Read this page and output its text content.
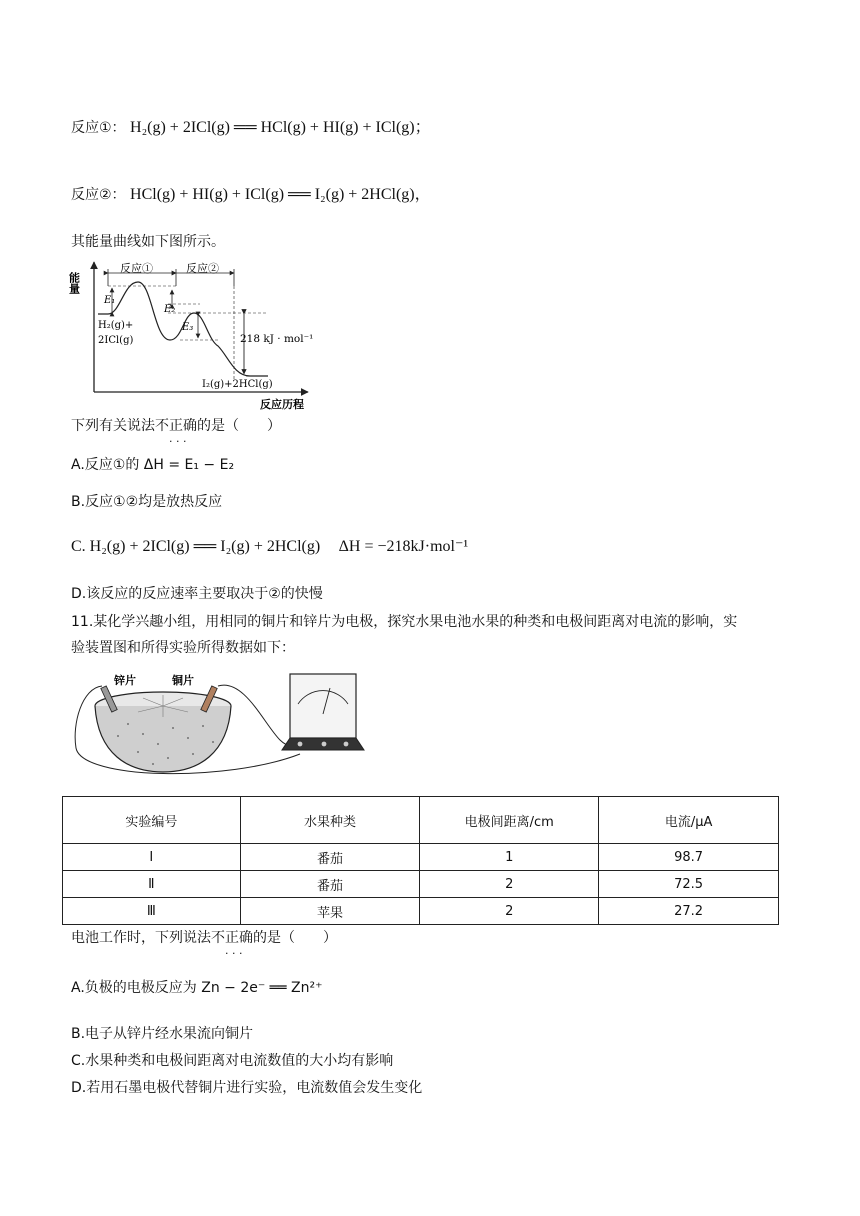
反应①： H₂(g) + 2ICl(g) ══ HCl(g) + HI(g) + ICl(g)；
反应②： HCl(g) + HI(g) + ICl(g) ══ I₂(g) + 2HCl(g)，
其能量曲线如下图所示。
能量
反应历程
反应①	反应②
E₁
E₂
E₃
H₂(g)+
2ICl(g)	218 kJ · mol⁻¹
I₂(g)+2HCl(g)
下列有关说法不正确 · · ·的是（　　）
A.反应①的 ΔH = E₁ − E₂
B.反应①②均是放热反应
C. H₂(g) + 2ICl(g) ══ I₂(g) + 2HCl(g) ΔH = −218kJ·mol⁻¹
D.该反应的反应速率主要取决于②的快慢
11.某化学兴趣小组，用相同的铜片和锌片为电极，探究水果电池水果的种类和电极间距离对电流的影响，实
验装置图和所得实验所得数据如下：
锌片	铜片
实验编号	水果种类	电极间距离/cm	电流/μA
Ⅰ	番茄	1	98.7
Ⅱ	番茄	2	72.5
Ⅲ	苹果	2	27.2
电池工作时，下列说法不正确 · · ·的是（　　）
A.负极的电极反应为 Zn − 2e⁻ ══ Zn²⁺
B.电子从锌片经水果流向铜片
C.水果种类和电极间距离对电流数值的大小均有影响
D.若用石墨电极代替铜片进行实验，电流数值会发生变化
